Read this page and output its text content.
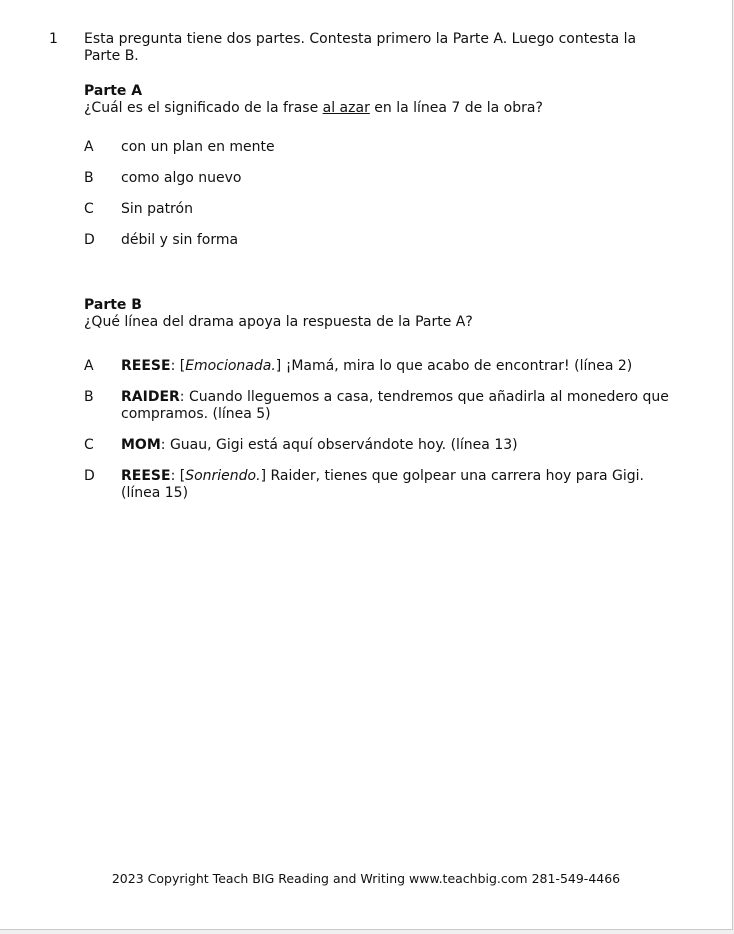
1 Esta pregunta tiene dos partes. Contesta primero la Parte A. Luego contesta la Parte B.

Parte A

¿Cuál es el significado de la frase al azar en la línea 7 de la obra?

A	con un plan en mente
B	como algo nuevo
C	Sin patrón
D	débil y sin forma
Parte B

¿Qué línea del drama apoya la respuesta de la Parte A?

A	REESE: [Emocionada.] ¡Mamá, mira lo que acabo de encontrar! (línea 2)
B	RAIDER: Cuando lleguemos a casa, tendremos que añadirla al monedero que compramos. (línea 5)
C	MOM: Guau, Gigi está aquí observándote hoy. (línea 13)
D	REESE: [Sonriendo.] Raider, tienes que golpear una carrera hoy para Gigi. (línea 15)
2023 Copyright Teach BIG Reading and Writing www.teachbig.com 281-549-4466
